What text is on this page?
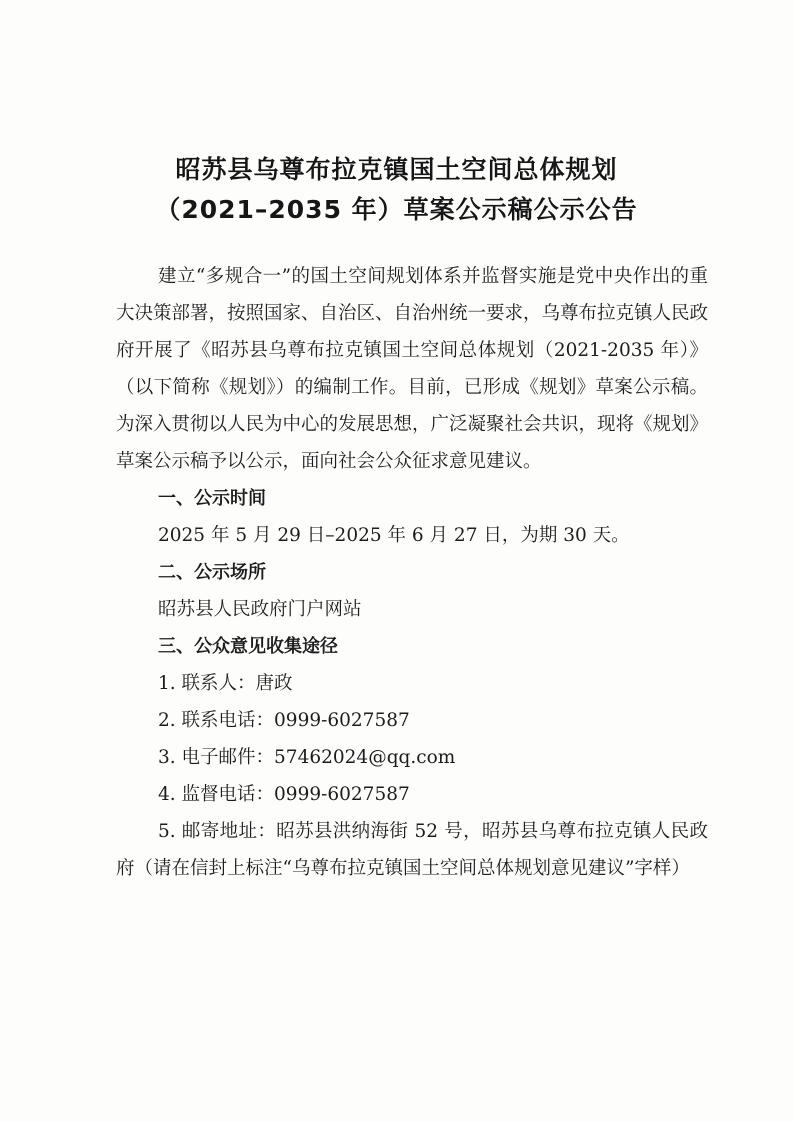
昭苏县乌尊布拉克镇国土空间总体规划
（2021–2035 年）草案公示稿公示公告

建立“多规合一”的国土空间规划体系并监督实施是党中央作出的重大决策部署，按照国家、自治区、自治州统一要求，乌尊布拉克镇人民政府开展了《昭苏县乌尊布拉克镇国土空间总体规划（2021-2035 年）》（以下简称《规划》）的编制工作。目前，已形成《规划》草案公示稿。为深入贯彻以人民为中心的发展思想，广泛凝聚社会共识，现将《规划》草案公示稿予以公示，面向社会公众征求意见建议。

一、公示时间

2025 年 5 月 29 日–2025 年 6 月 27 日，为期 30 天。

二、公示场所

昭苏县人民政府门户网站

三、公众意见收集途径

1. 联系人：唐政

2. 联系电话：0999-6027587

3. 电子邮件：57462024@qq.com

4. 监督电话：0999-6027587

5. 邮寄地址：昭苏县洪纳海街 52 号，昭苏县乌尊布拉克镇人民政府（请在信封上标注“乌尊布拉克镇国土空间总体规划意见建议”字样）
